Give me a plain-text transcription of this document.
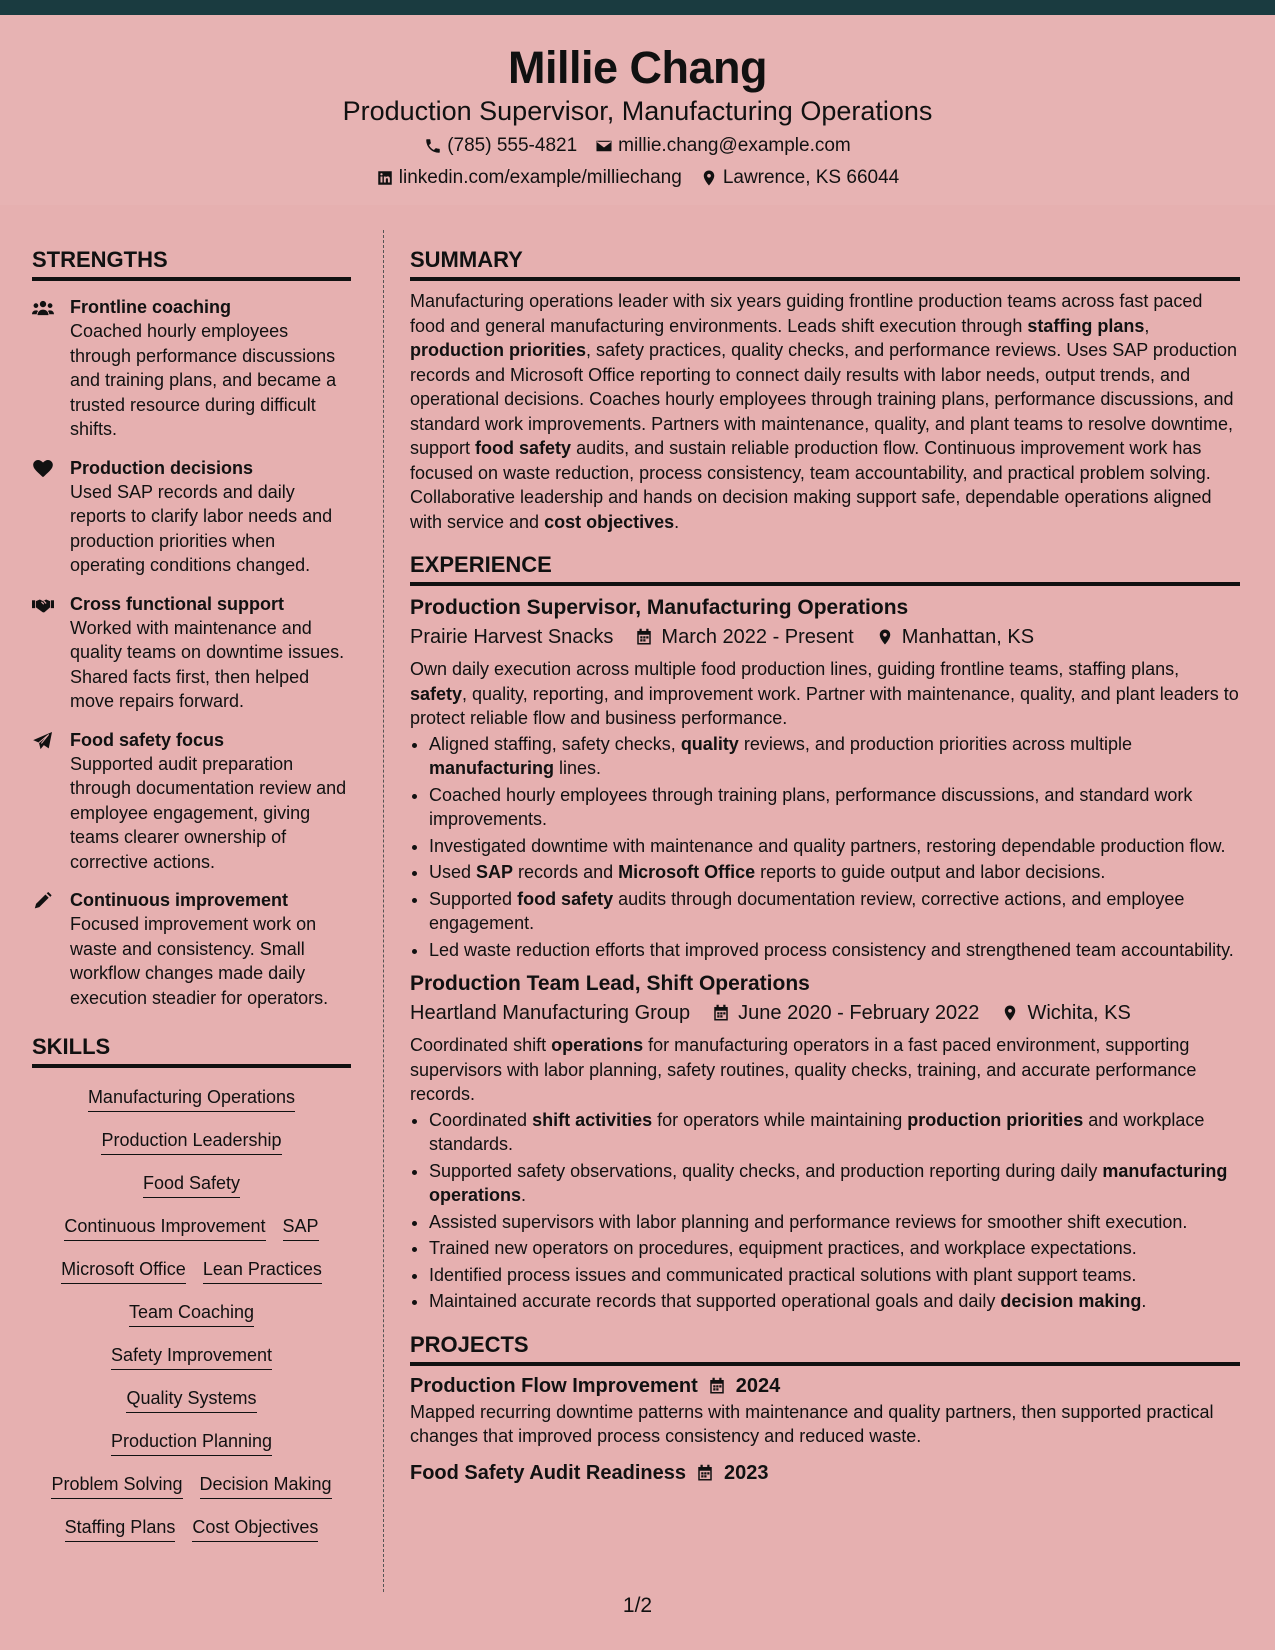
Millie Chang
Production Supervisor, Manufacturing Operations
(785) 555-4821 millie.chang@example.com
linkedin.com/example/milliechang Lawrence, KS 66044
STRENGTHS
Frontline coaching
Coached hourly employees through performance discussions and training plans, and became a trusted resource during difficult shifts.
Production decisions
Used SAP records and daily reports to clarify labor needs and production priorities when operating conditions changed.
Cross functional support
Worked with maintenance and quality teams on downtime issues. Shared facts first, then helped move repairs forward.
Food safety focus
Supported audit preparation through documentation review and employee engagement, giving teams clearer ownership of corrective actions.
Continuous improvement
Focused improvement work on waste and consistency. Small workflow changes made daily execution steadier for operators.
SKILLS
Manufacturing Operations
Production Leadership
Food Safety
Continuous Improvement SAP
Microsoft Office Lean Practices
Team Coaching
Safety Improvement
Quality Systems
Production Planning
Problem Solving Decision Making
Staffing Plans Cost Objectives
SUMMARY

Manufacturing operations leader with six years guiding frontline production teams across fast paced food and general manufacturing environments. Leads shift execution through staffing plans, production priorities, safety practices, quality checks, and performance reviews. Uses SAP production records and Microsoft Office reporting to connect daily results with labor needs, output trends, and operational decisions. Coaches hourly employees through training plans, performance discussions, and standard work improvements. Partners with maintenance, quality, and plant teams to resolve downtime, support food safety audits, and sustain reliable production flow. Continuous improvement work has focused on waste reduction, process consistency, team accountability, and practical problem solving. Collaborative leadership and hands on decision making support safe, dependable operations aligned with service and cost objectives.

EXPERIENCE
Production Supervisor, Manufacturing Operations
Prairie Harvest Snacks March 2022 - Present Manhattan, KS
Own daily execution across multiple food production lines, guiding frontline teams, staffing plans, safety, quality, reporting, and improvement work. Partner with maintenance, quality, and plant leaders to protect reliable flow and business performance.
• Aligned staffing, safety checks, quality reviews, and production priorities across multiple manufacturing lines.
• Coached hourly employees through training plans, performance discussions, and standard work improvements.
• Investigated downtime with maintenance and quality partners, restoring dependable production flow.
• Used SAP records and Microsoft Office reports to guide output and labor decisions.
• Supported food safety audits through documentation review, corrective actions, and employee engagement.
• Led waste reduction efforts that improved process consistency and strengthened team accountability.
Production Team Lead, Shift Operations
Heartland Manufacturing Group June 2020 - February 2022 Wichita, KS
Coordinated shift operations for manufacturing operators in a fast paced environment, supporting supervisors with labor planning, safety routines, quality checks, training, and accurate performance records.
• Coordinated shift activities for operators while maintaining production priorities and workplace standards.
• Supported safety observations, quality checks, and production reporting during daily manufacturing operations.
• Assisted supervisors with labor planning and performance reviews for smoother shift execution.
• Trained new operators on procedures, equipment practices, and workplace expectations.
• Identified process issues and communicated practical solutions with plant support teams.
• Maintained accurate records that supported operational goals and daily decision making.
PROJECTS
Production Flow Improvement 2024
Mapped recurring downtime patterns with maintenance and quality partners, then supported practical changes that improved process consistency and reduced waste.
Food Safety Audit Readiness 2023
1/2
